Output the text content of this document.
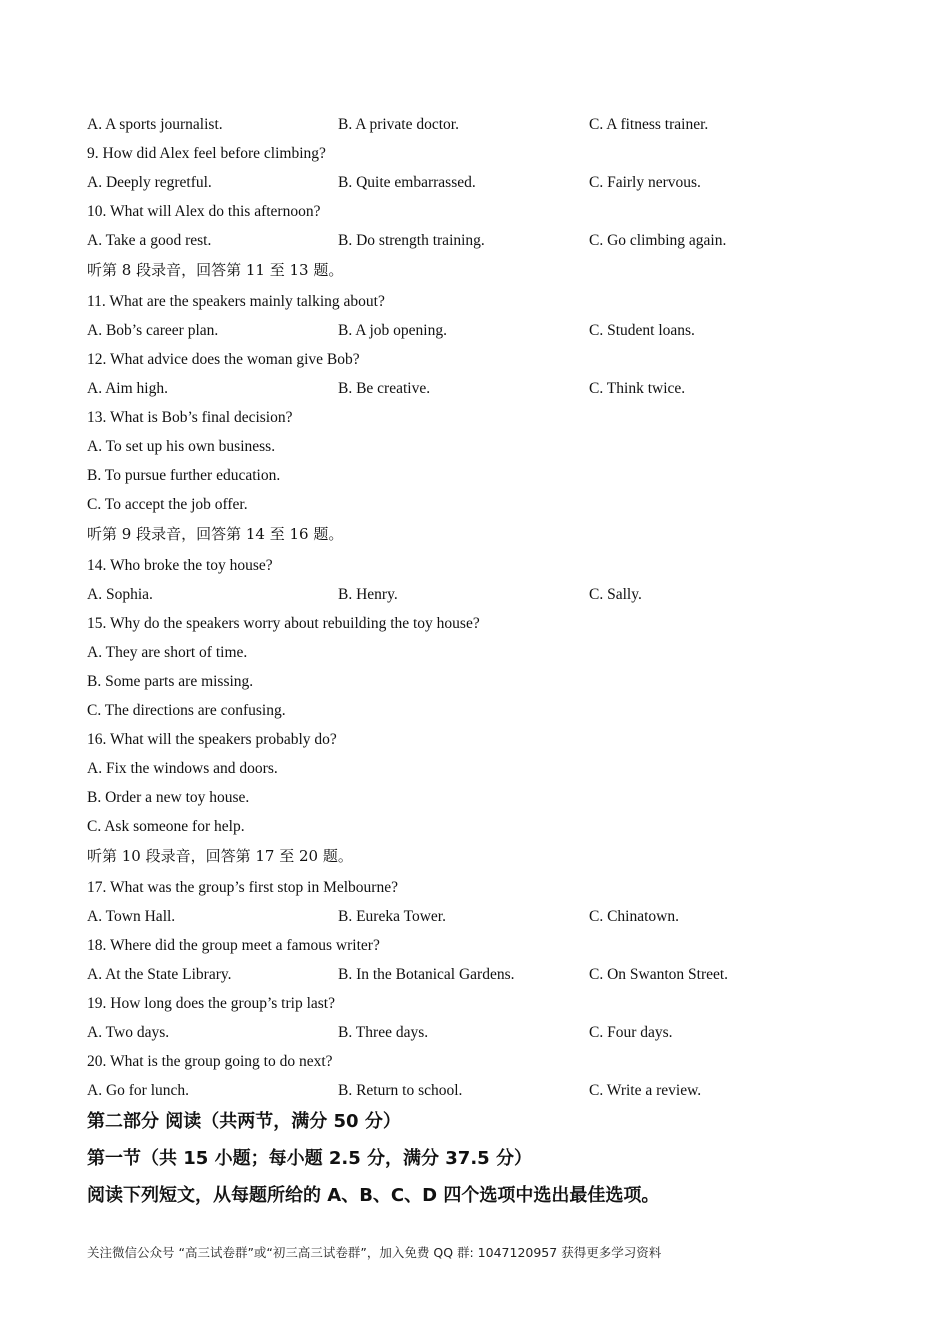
A. A sports journalist.	B. A private doctor.	C. A fitness trainer.
9. How did Alex feel before climbing?
A. Deeply regretful.	B. Quite embarrassed.	C. Fairly nervous.
10. What will Alex do this afternoon?
A. Take a good rest.	B. Do strength training.	C. Go climbing again.
听第 8 段录音，回答第 11 至 13 题。
11. What are the speakers mainly talking about?
A. Bob’s career plan.	B. A job opening.	C. Student loans.
12. What advice does the woman give Bob?
A. Aim high.	B. Be creative.	C. Think twice.
13. What is Bob’s final decision?
A. To set up his own business.
B. To pursue further education.
C. To accept the job offer.
听第 9 段录音，回答第 14 至 16 题。
14. Who broke the toy house?
A. Sophia.	B. Henry.	C. Sally.
15. Why do the speakers worry about rebuilding the toy house?
A. They are short of time.
B. Some parts are missing.
C. The directions are confusing.
16. What will the speakers probably do?
A. Fix the windows and doors.
B. Order a new toy house.
C. Ask someone for help.
听第 10 段录音，回答第 17 至 20 题。
17. What was the group’s first stop in Melbourne?
A. Town Hall.	B. Eureka Tower.	C. Chinatown.
18. Where did the group meet a famous writer?
A. At the State Library.	B. In the Botanical Gardens.	C. On Swanton Street.
19. How long does the group’s trip last?
A. Two days.	B. Three days.	C. Four days.
20. What is the group going to do next?
A. Go for lunch.	B. Return to school.	C. Write a review.
第二部分 阅读（共两节，满分 50 分）
第一节（共 15 小题；每小题 2.5 分，满分 37.5 分）
阅读下列短文，从每题所给的 A、B、C、D 四个选项中选出最佳选项。
关注微信公众号 “高三试卷群”或“初三高三试卷群”，加入免费 QQ 群: 1047120957 获得更多学习资料
